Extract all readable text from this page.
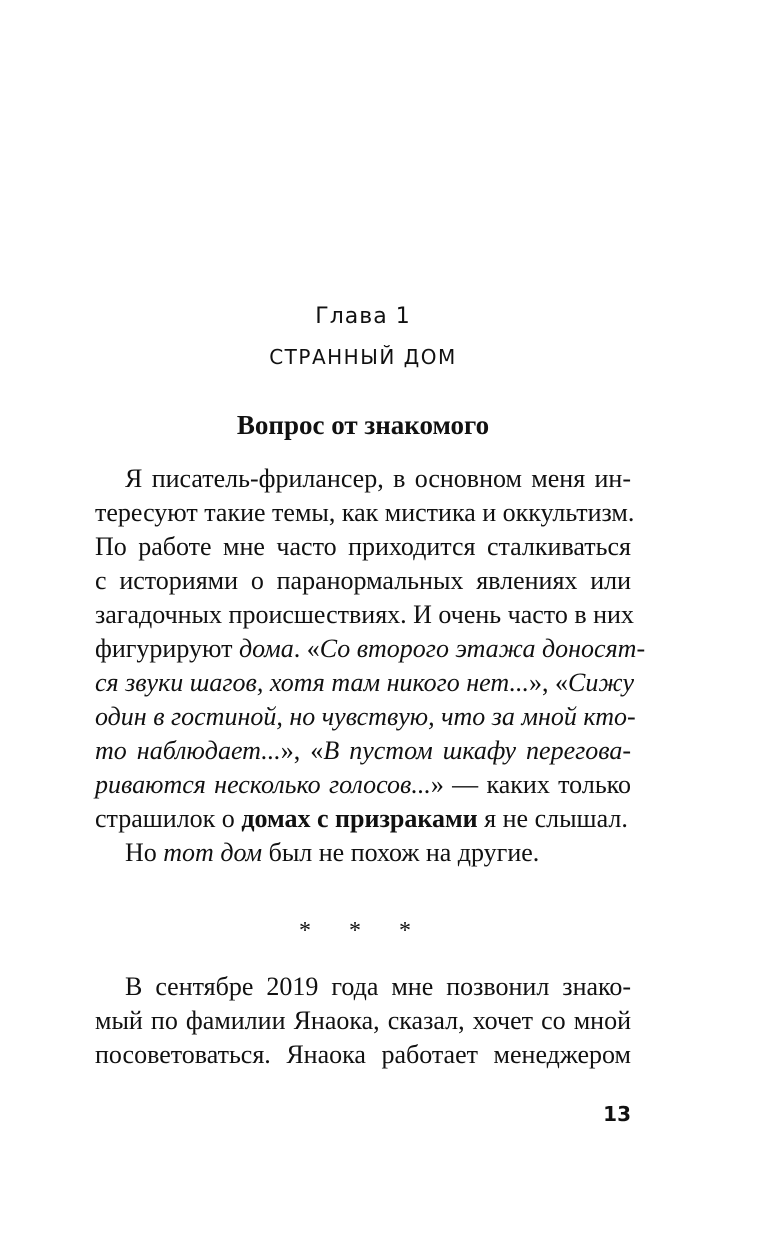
Глава 1
СТРАННЫЙ ДОМ
Вопрос от знакомого
Я писатель-фрилансер, в основном меня ин-
тересуют такие темы, как мистика и оккультизм.
По работе мне часто приходится сталкиваться
с историями о паранормальных явлениях или
загадочных происшествиях. И очень часто в них
фигурируют дома. «Со второго этажа доносят-
ся звуки шагов, хотя там никого нет...», «Сижу
один в гостиной, но чувствую, что за мной кто-
то наблюдает...», «В пустом шкафу перегова-
риваются несколько голосов...» — каких только
страшилок о домах с призраками я не слышал.
Но тот дом был не похож на другие.
* * *
В сентябре 2019 года мне позвонил знако-
мый по фамилии Янаока, сказал, хочет со мной
посоветоваться. Янаока работает менеджером
13
